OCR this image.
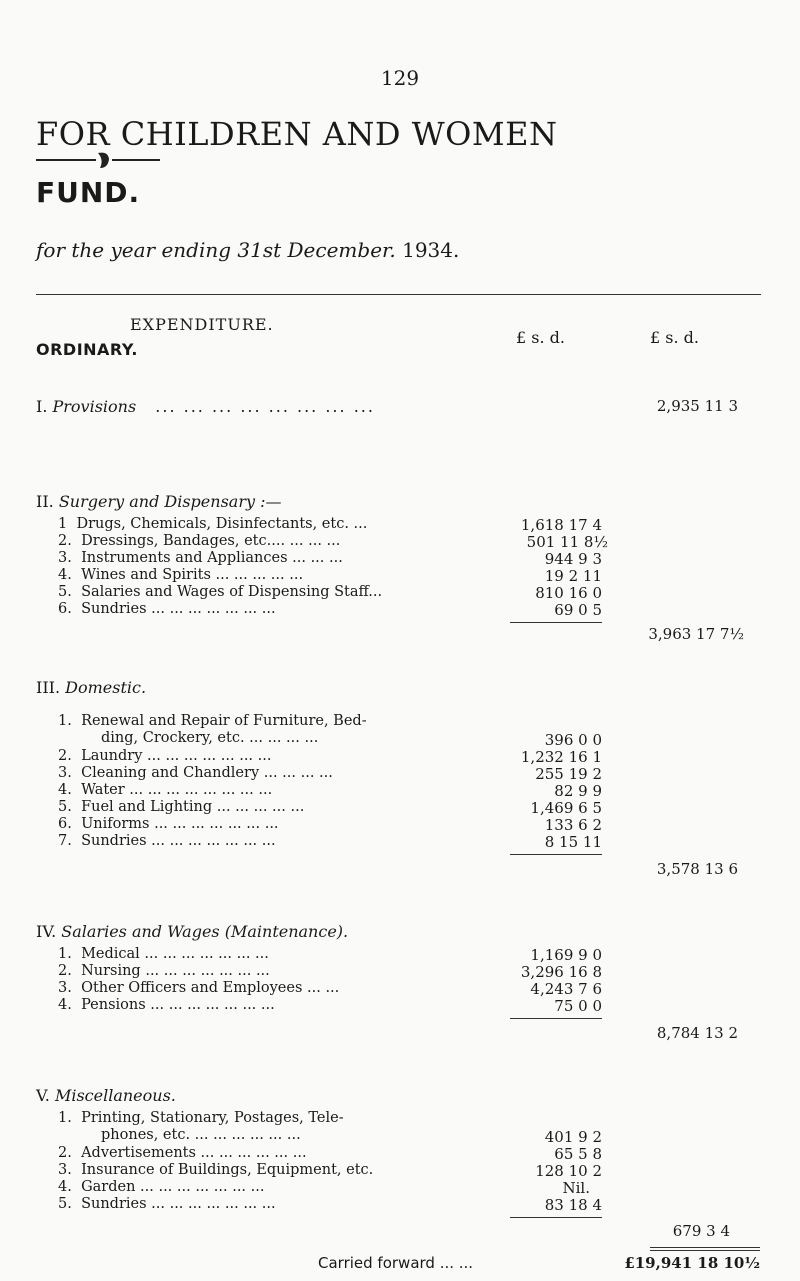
129
FOR CHILDREN AND WOMEN
FUND.
for the year ending 31st December. 1934.
EXPENDITURE.
£ s. d.	£ s. d.
ORDINARY.
I. Provisions ... ... ... ... ... ... ... ...	2,935 11 3
II. Surgery and Dispensary :—
1 Drugs, Chemicals, Disinfectants, etc. ...	1,618 17 4
2. Dressings, Bandages, etc.... ... ... ...	501 11 8½
3. Instruments and Appliances ... ... ...	944 9 3
4. Wines and Spirits ... ... ... ... ...	19 2 11
5. Salaries and Wages of Dispensing Staff...	810 16 0
6. Sundries ... ... ... ... ... ... ...	69 0 5
3,963 17 7½
III. Domestic.
1. Renewal and Repair of Furniture, Bed-
ding, Crockery, etc. ... ... ... ...	396 0 0
2. Laundry ... ... ... ... ... ... ...	1,232 16 1
3. Cleaning and Chandlery ... ... ... ...	255 19 2
4. Water ... ... ... ... ... ... ... ...	82 9 9
5. Fuel and Lighting ... ... ... ... ...	1,469 6 5
6. Uniforms ... ... ... ... ... ... ...	133 6 2
7. Sundries ... ... ... ... ... ... ...	8 15 11
3,578 13 6
IV. Salaries and Wages (Maintenance).
1. Medical ... ... ... ... ... ... ...	1,169 9 0
2. Nursing ... ... ... ... ... ... ...	3,296 16 8
3. Other Officers and Employees ... ...	4,243 7 6
4. Pensions ... ... ... ... ... ... ...	75 0 0
8,784 13 2
V. Miscellaneous.
1. Printing, Stationary, Postages, Tele-
phones, etc. ... ... ... ... ... ...	401 9 2
2. Advertisements ... ... ... ... ... ...	65 5 8
3. Insurance of Buildings, Equipment, etc.	128 10 2
4. Garden ... ... ... ... ... ... ...	Nil.
5. Sundries ... ... ... ... ... ... ...	83 18 4
679 3 4
Carried forward ... ...	£19,941 18 10½
